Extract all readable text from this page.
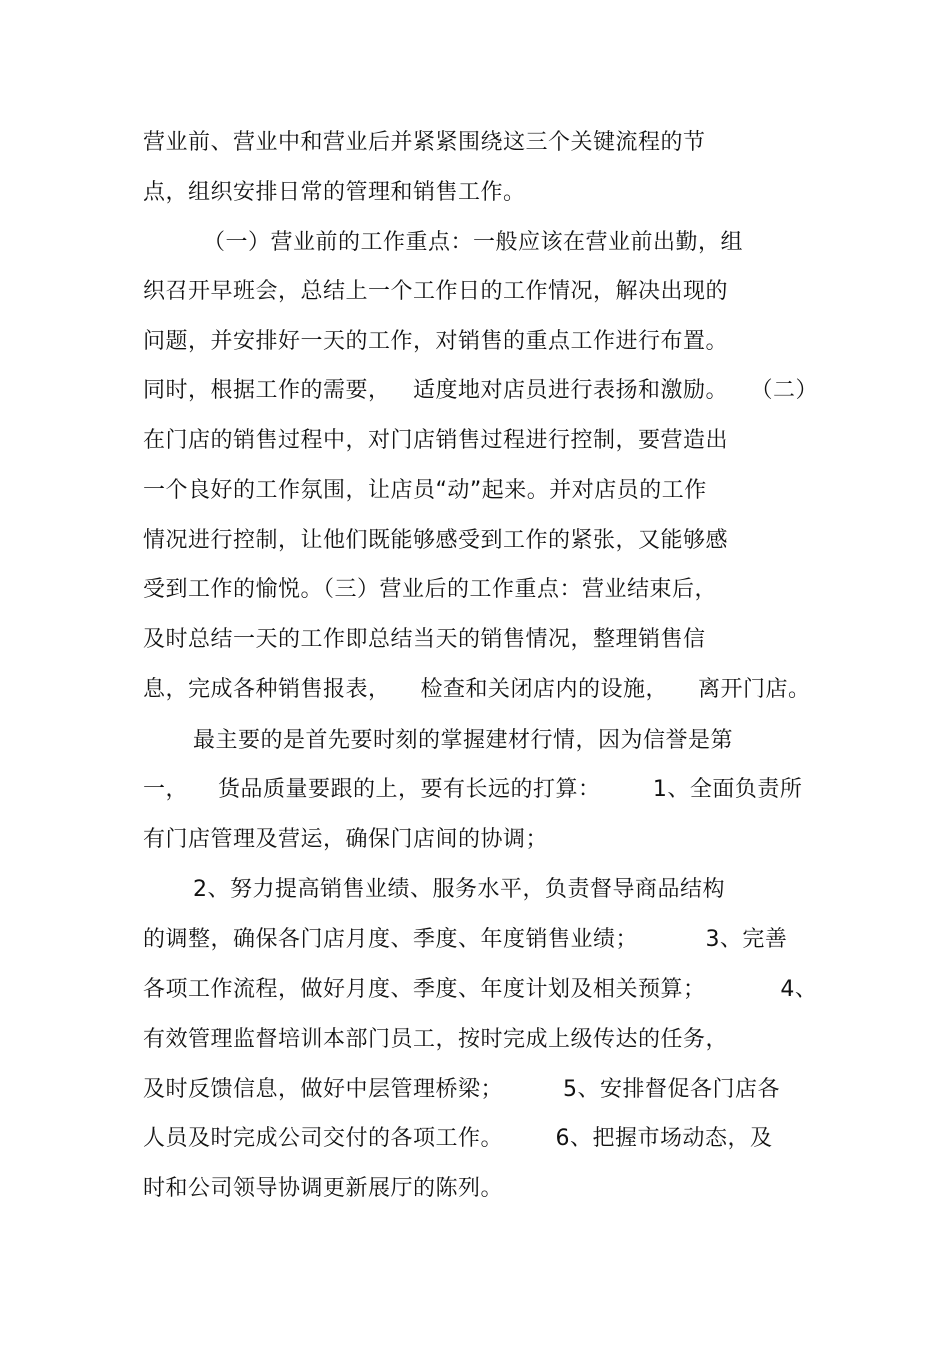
营业前、营业中和营业后并紧紧围绕这三个关键流程的节
点，组织安排日常的管理和销售工作。
（一）营业前的工作重点：一般应该在营业前出勤，组
织召开早班会，总结上一个工作日的工作情况，解决出现的
问题，并安排好一天的工作，对销售的重点工作进行布置。
同时，根据工作的需要，   适度地对店员进行表扬和激励。   （二）
在门店的销售过程中，对门店销售过程进行控制，要营造出
一个良好的工作氛围，让店员“动”起来。并对店员的工作
情况进行控制，让他们既能够感受到工作的紧张，又能够感
受到工作的愉悦。（三）营业后的工作重点：营业结束后，
及时总结一天的工作即总结当天的销售情况，整理销售信
息，完成各种销售报表，    检查和关闭店内的设施，    离开门店。
最主要的是首先要时刻的掌握建材行情，因为信誉是第
一，    货品质量要跟的上，要有长远的打算：       1、全面负责所
有门店管理及营运，确保门店间的协调；
2、努力提高销售业绩、服务水平，负责督导商品结构
的调整，确保各门店月度、季度、年度销售业绩；         3、完善
各项工作流程，做好月度、季度、年度计划及相关预算；          4、
有效管理监督培训本部门员工，按时完成上级传达的任务，
及时反馈信息，做好中层管理桥梁；        5、安排督促各门店各
人员及时完成公司交付的各项工作。       6、把握市场动态，及
时和公司领导协调更新展厅的陈列。
